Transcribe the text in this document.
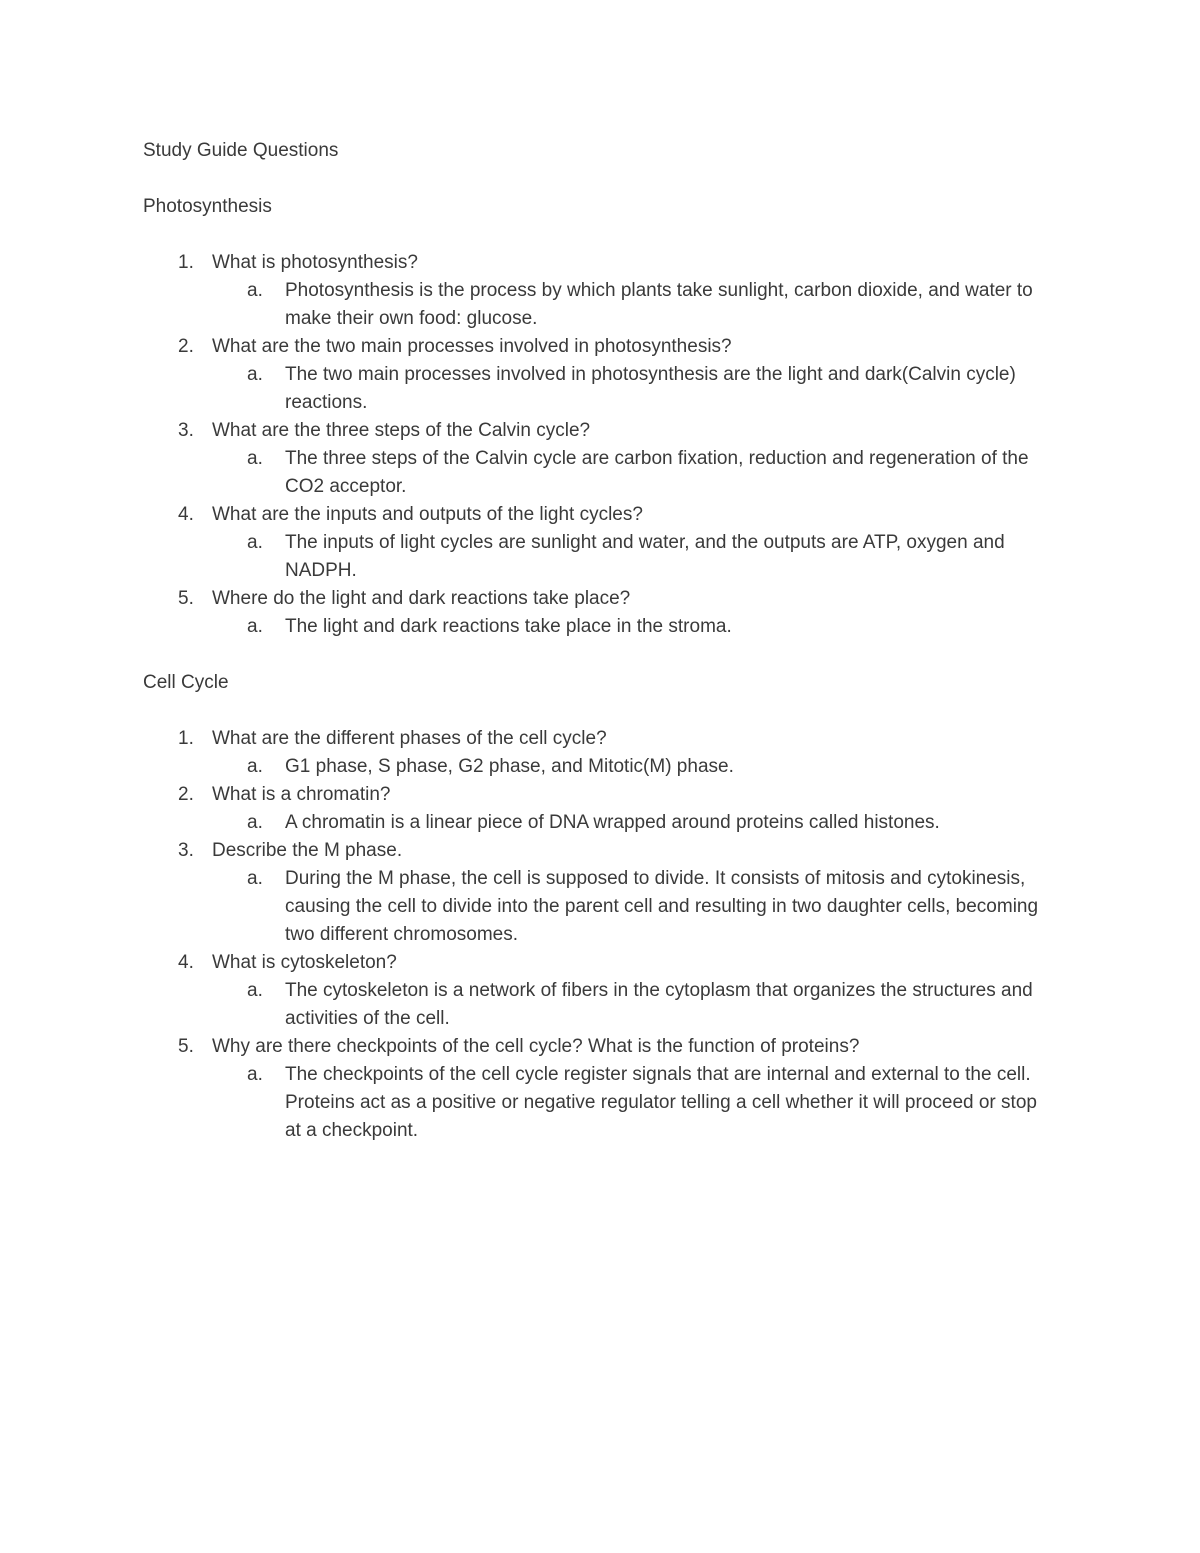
Study Guide Questions

Photosynthesis

What is photosynthesis?
a. Photosynthesis is the process by which plants take sunlight, carbon dioxide, and water to make their own food: glucose.
What are the two main processes involved in photosynthesis?
a. The two main processes involved in photosynthesis are the light and dark(Calvin cycle) reactions.
What are the three steps of the Calvin cycle?
a. The three steps of the Calvin cycle are carbon fixation, reduction and regeneration of the CO2 acceptor.
What are the inputs and outputs of the light cycles?
a. The inputs of light cycles are sunlight and water, and the outputs are ATP, oxygen and NADPH.
Where do the light and dark reactions take place?
a. The light and dark reactions take place in the stroma.

Cell Cycle

What are the different phases of the cell cycle?
a. G1 phase, S phase, G2 phase, and Mitotic(M) phase.
What is a chromatin?
a. A chromatin is a linear piece of DNA wrapped around proteins called histones.
Describe the M phase.
a. During the M phase, the cell is supposed to divide. It consists of mitosis and cytokinesis, causing the cell to divide into the parent cell and resulting in two daughter cells, becoming two different chromosomes.
What is cytoskeleton?
a. The cytoskeleton is a network of fibers in the cytoplasm that organizes the structures and activities of the cell.
Why are there checkpoints of the cell cycle? What is the function of proteins?
a. The checkpoints of the cell cycle register signals that are internal and external to the cell. Proteins act as a positive or negative regulator telling a cell whether it will proceed or stop at a checkpoint.
